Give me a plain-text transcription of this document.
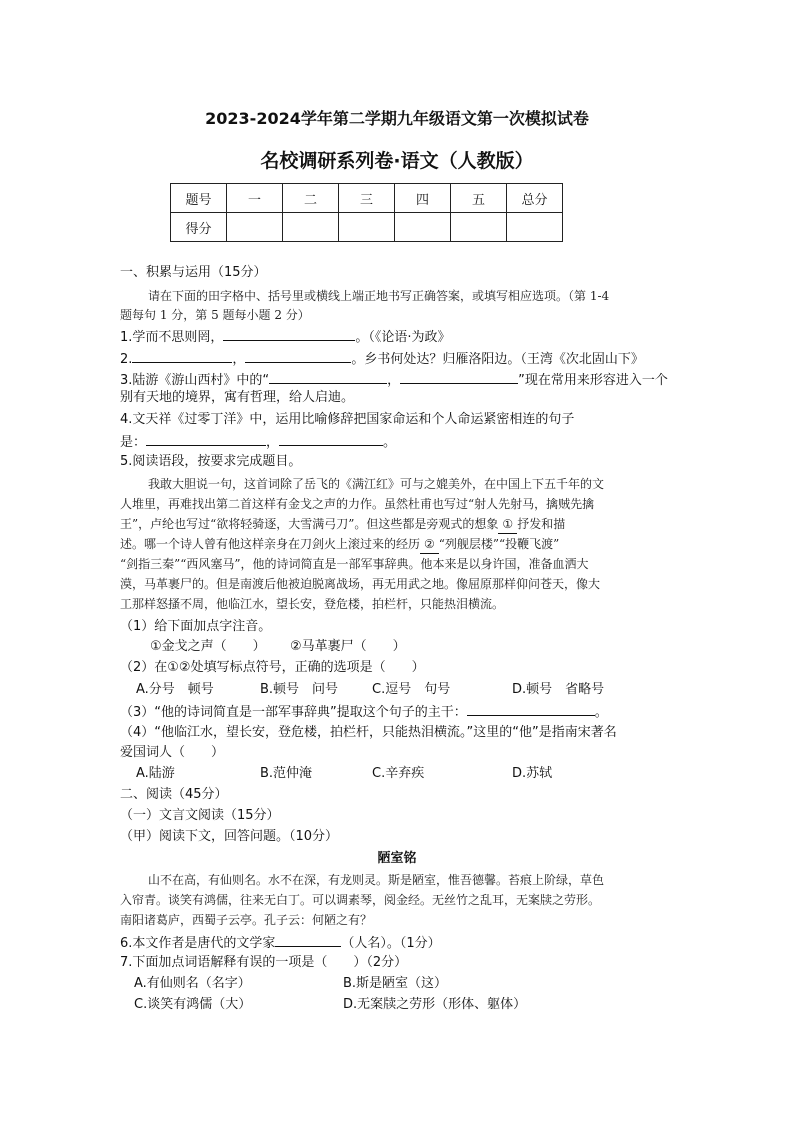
2023-2024学年第二学期九年级语文第一次模拟试卷
名校调研系列卷·语文（人教版）
题号	一	二	三	四	五	总分
得分						
一、积累与运用（15分）
请在下面的田字格中、括号里或横线上端正地书写正确答案，或填写相应选项。（第 1-4
题每句 1 分，第 5 题每小题 2 分）
1.学而不思则罔，	。（《论语·为政》
2.	，	。乡书何处达？归雁洛阳边。（王湾《次北固山下》
3.陆游《游山西村》中的“	，	”现在常用来形容进入一个
别有天地的境界，寓有哲理，给人启迪。
4.文天祥《过零丁洋》中，运用比喻修辞把国家命运和个人命运紧密相连的句子
是：	，	。
5.阅读语段，按要求完成题目。
我敢大胆说一句，这首词除了岳飞的《满江红》可与之媲美外，在中国上下五千年的文
人堆里，再难找出第二首这样有金戈之声的力作。虽然杜甫也写过“射人先射马，擒贼先擒
王”，卢纶也写过“欲将轻骑逐，大雪满弓刀”。但这些都是旁观式的想象 ① 抒发和描
述。哪一个诗人曾有他这样亲身在刀剑火上滚过来的经历 ② “列舰层楼”“投鞭飞渡”
“剑指三秦”“西风塞马”，他的诗词简直是一部军事辞典。他本来是以身许国，准备血洒大
漠，马革裹尸的。但是南渡后他被迫脱离战场，再无用武之地。像屈原那样仰问苍天，像大
工那样怒搔不周，他临江水，望长安，登危楼，拍栏杆，只能热泪横流。
（1）给下面加点字注音。
①金戈之声（　　） ②马革裹尸（　　）
（2）在①②处填写标点符号，正确的选项是（　　）
A.分号　顿号	B.顿号　问号	C.逗号　句号	D.顿号　省略号
（3）“他的诗词简直是一部军事辞典”提取这个句子的主干：	。
（4）“他临江水，望长安，登危楼，拍栏杆，只能热泪横流。”这里的“他”是指南宋著名
爱国词人（　　）
A.陆游	B.范仲淹	C.辛弃疾	D.苏轼
二、阅读（45分）
（一）文言文阅读（15分）
（甲）阅读下文，回答问题。（10分）
陋室铭
山不在高，有仙则名。水不在深，有龙则灵。斯是陋室，惟吾德馨。苔痕上阶绿，草色
入帘青。谈笑有鸿儒，往来无白丁。可以调素琴，阅金经。无丝竹之乱耳，无案牍之劳形。
南阳诸葛庐，西蜀子云亭。孔子云：何陋之有？
6.本文作者是唐代的文学家	（人名）。（1分）
7.下面加点词语解释有误的一项是（　　）（2分）
A.有仙则名（名字）	B.斯是陋室（这）
C.谈笑有鸿儒（大）	D.无案牍之劳形（形体、躯体）
